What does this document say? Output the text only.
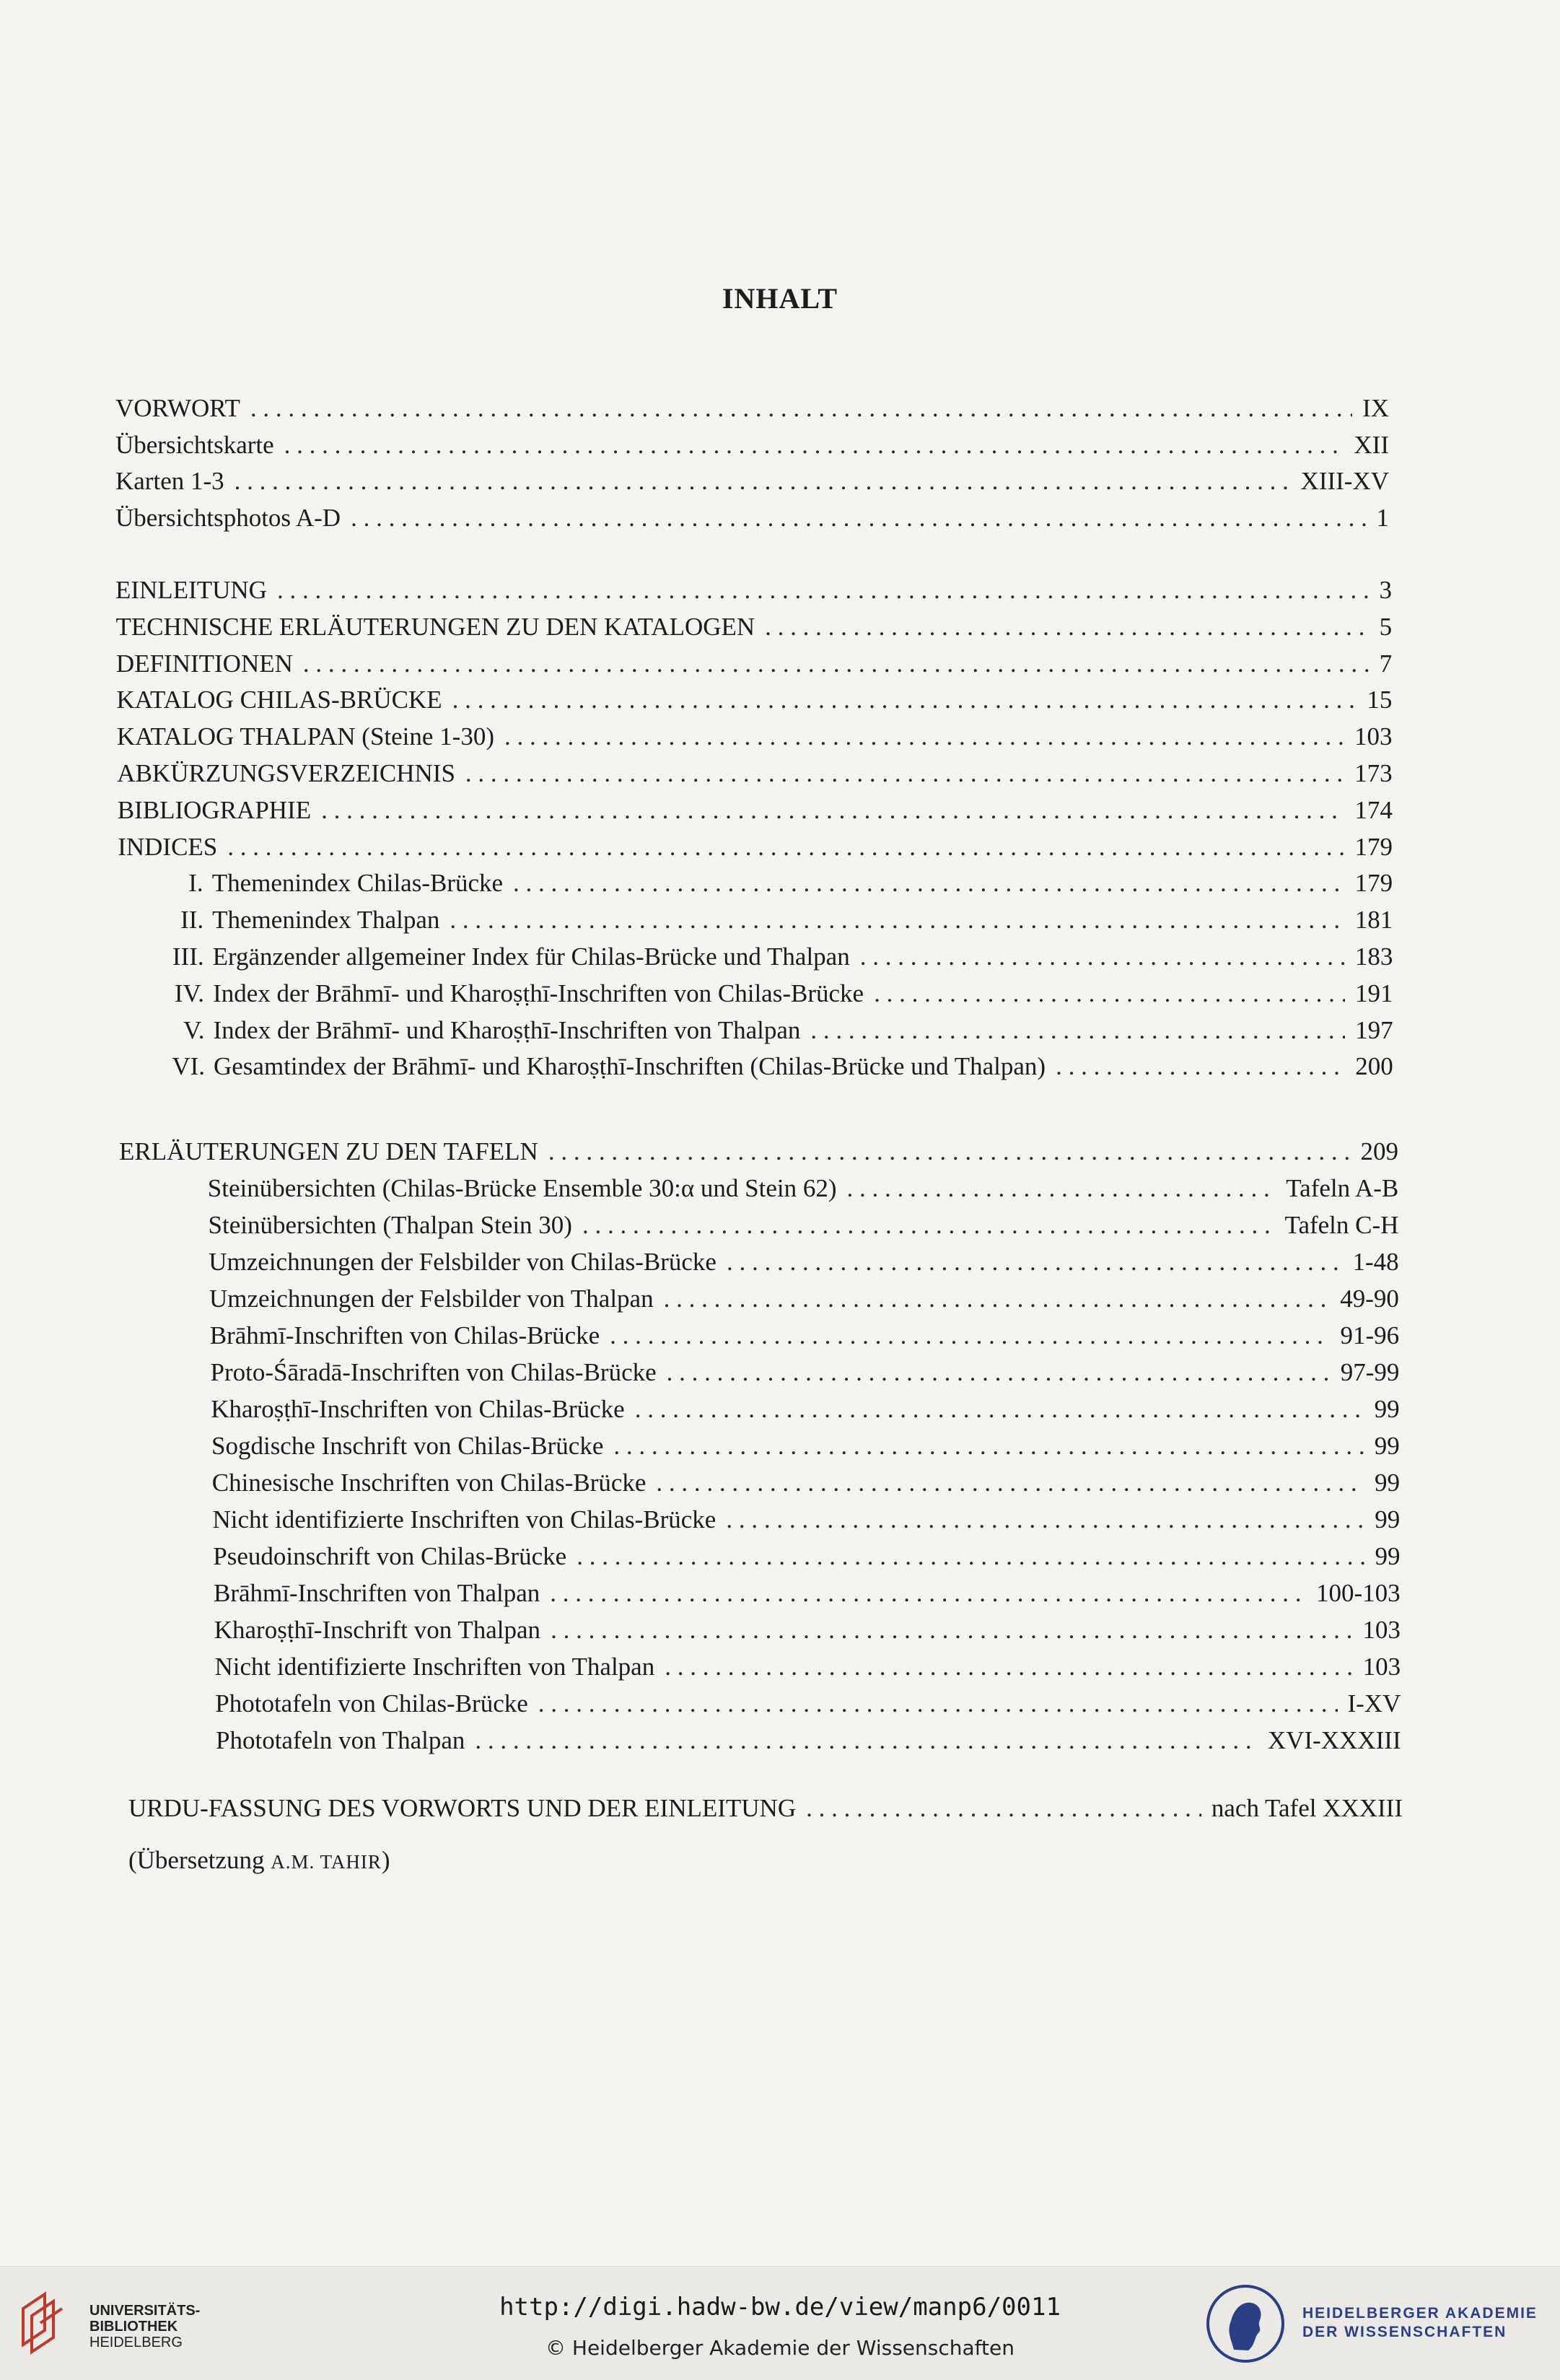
INHALT
VORWORT . . .	IX
Übersichtskarte . . .	XII
Karten 1-3 . . .	XIII-XV
Übersichtsphotos A-D . . .	1
EINLEITUNG . . .	3
TECHNISCHE ERLÄUTERUNGEN ZU DEN KATALOGEN . . .	5
DEFINITIONEN . . .	7
KATALOG CHILAS-BRÜCKE . . .	15
KATALOG THALPAN (Steine 1-30) . . .	103
ABKÜRZUNGSVERZEICHNIS . . .	173
BIBLIOGRAPHIE . . .	174
INDICES . . .	179
I. Themenindex Chilas-Brücke . . .	179
II. Themenindex Thalpan . . .	181
III. Ergänzender allgemeiner Index für Chilas-Brücke und Thalpan . . .	183
IV. Index der Brāhmī- und Kharoṣṭhī-Inschriften von Chilas-Brücke . . .	191
V. Index der Brāhmī- und Kharoṣṭhī-Inschriften von Thalpan . . .	197
VI. Gesamtindex der Brāhmī- und Kharoṣṭhī-Inschriften (Chilas-Brücke und Thalpan) . . .	200
ERLÄUTERUNGEN ZU DEN TAFELN . . .	209
Steinübersichten (Chilas-Brücke Ensemble 30:α und Stein 62) . . .	Tafeln A-B
Steinübersichten (Thalpan Stein 30) . . .	Tafeln C-H
Umzeichnungen der Felsbilder von Chilas-Brücke . . .	1-48
Umzeichnungen der Felsbilder von Thalpan . . .	49-90
Brāhmī-Inschriften von Chilas-Brücke . . .	91-96
Proto-Śāradā-Inschriften von Chilas-Brücke . . .	97-99
Kharoṣṭhī-Inschriften von Chilas-Brücke . . .	99
Sogdische Inschrift von Chilas-Brücke . . .	99
Chinesische Inschriften von Chilas-Brücke . . .	99
Nicht identifizierte Inschriften von Chilas-Brücke . . .	99
Pseudoinschrift von Chilas-Brücke . . .	99
Brāhmī-Inschriften von Thalpan . . .	100-103
Kharoṣṭhī-Inschrift von Thalpan . . .	103
Nicht identifizierte Inschriften von Thalpan . . .	103
Phototafeln von Chilas-Brücke . . .	I-XV
Phototafeln von Thalpan . . .	XVI-XXXIII
URDU-FASSUNG DES VORWORTS UND DER EINLEITUNG . . .	nach Tafel XXXIII
(Übersetzung A.M. TAHIR)
UNIVERSITÄTS-
BIBLIOTHEK
HEIDELBERG
http://digi.hadw-bw.de/view/manp6/0011
© Heidelberger Akademie der Wissenschaften
HEIDELBERGER AKADEMIE
DER WISSENSCHAFTEN
